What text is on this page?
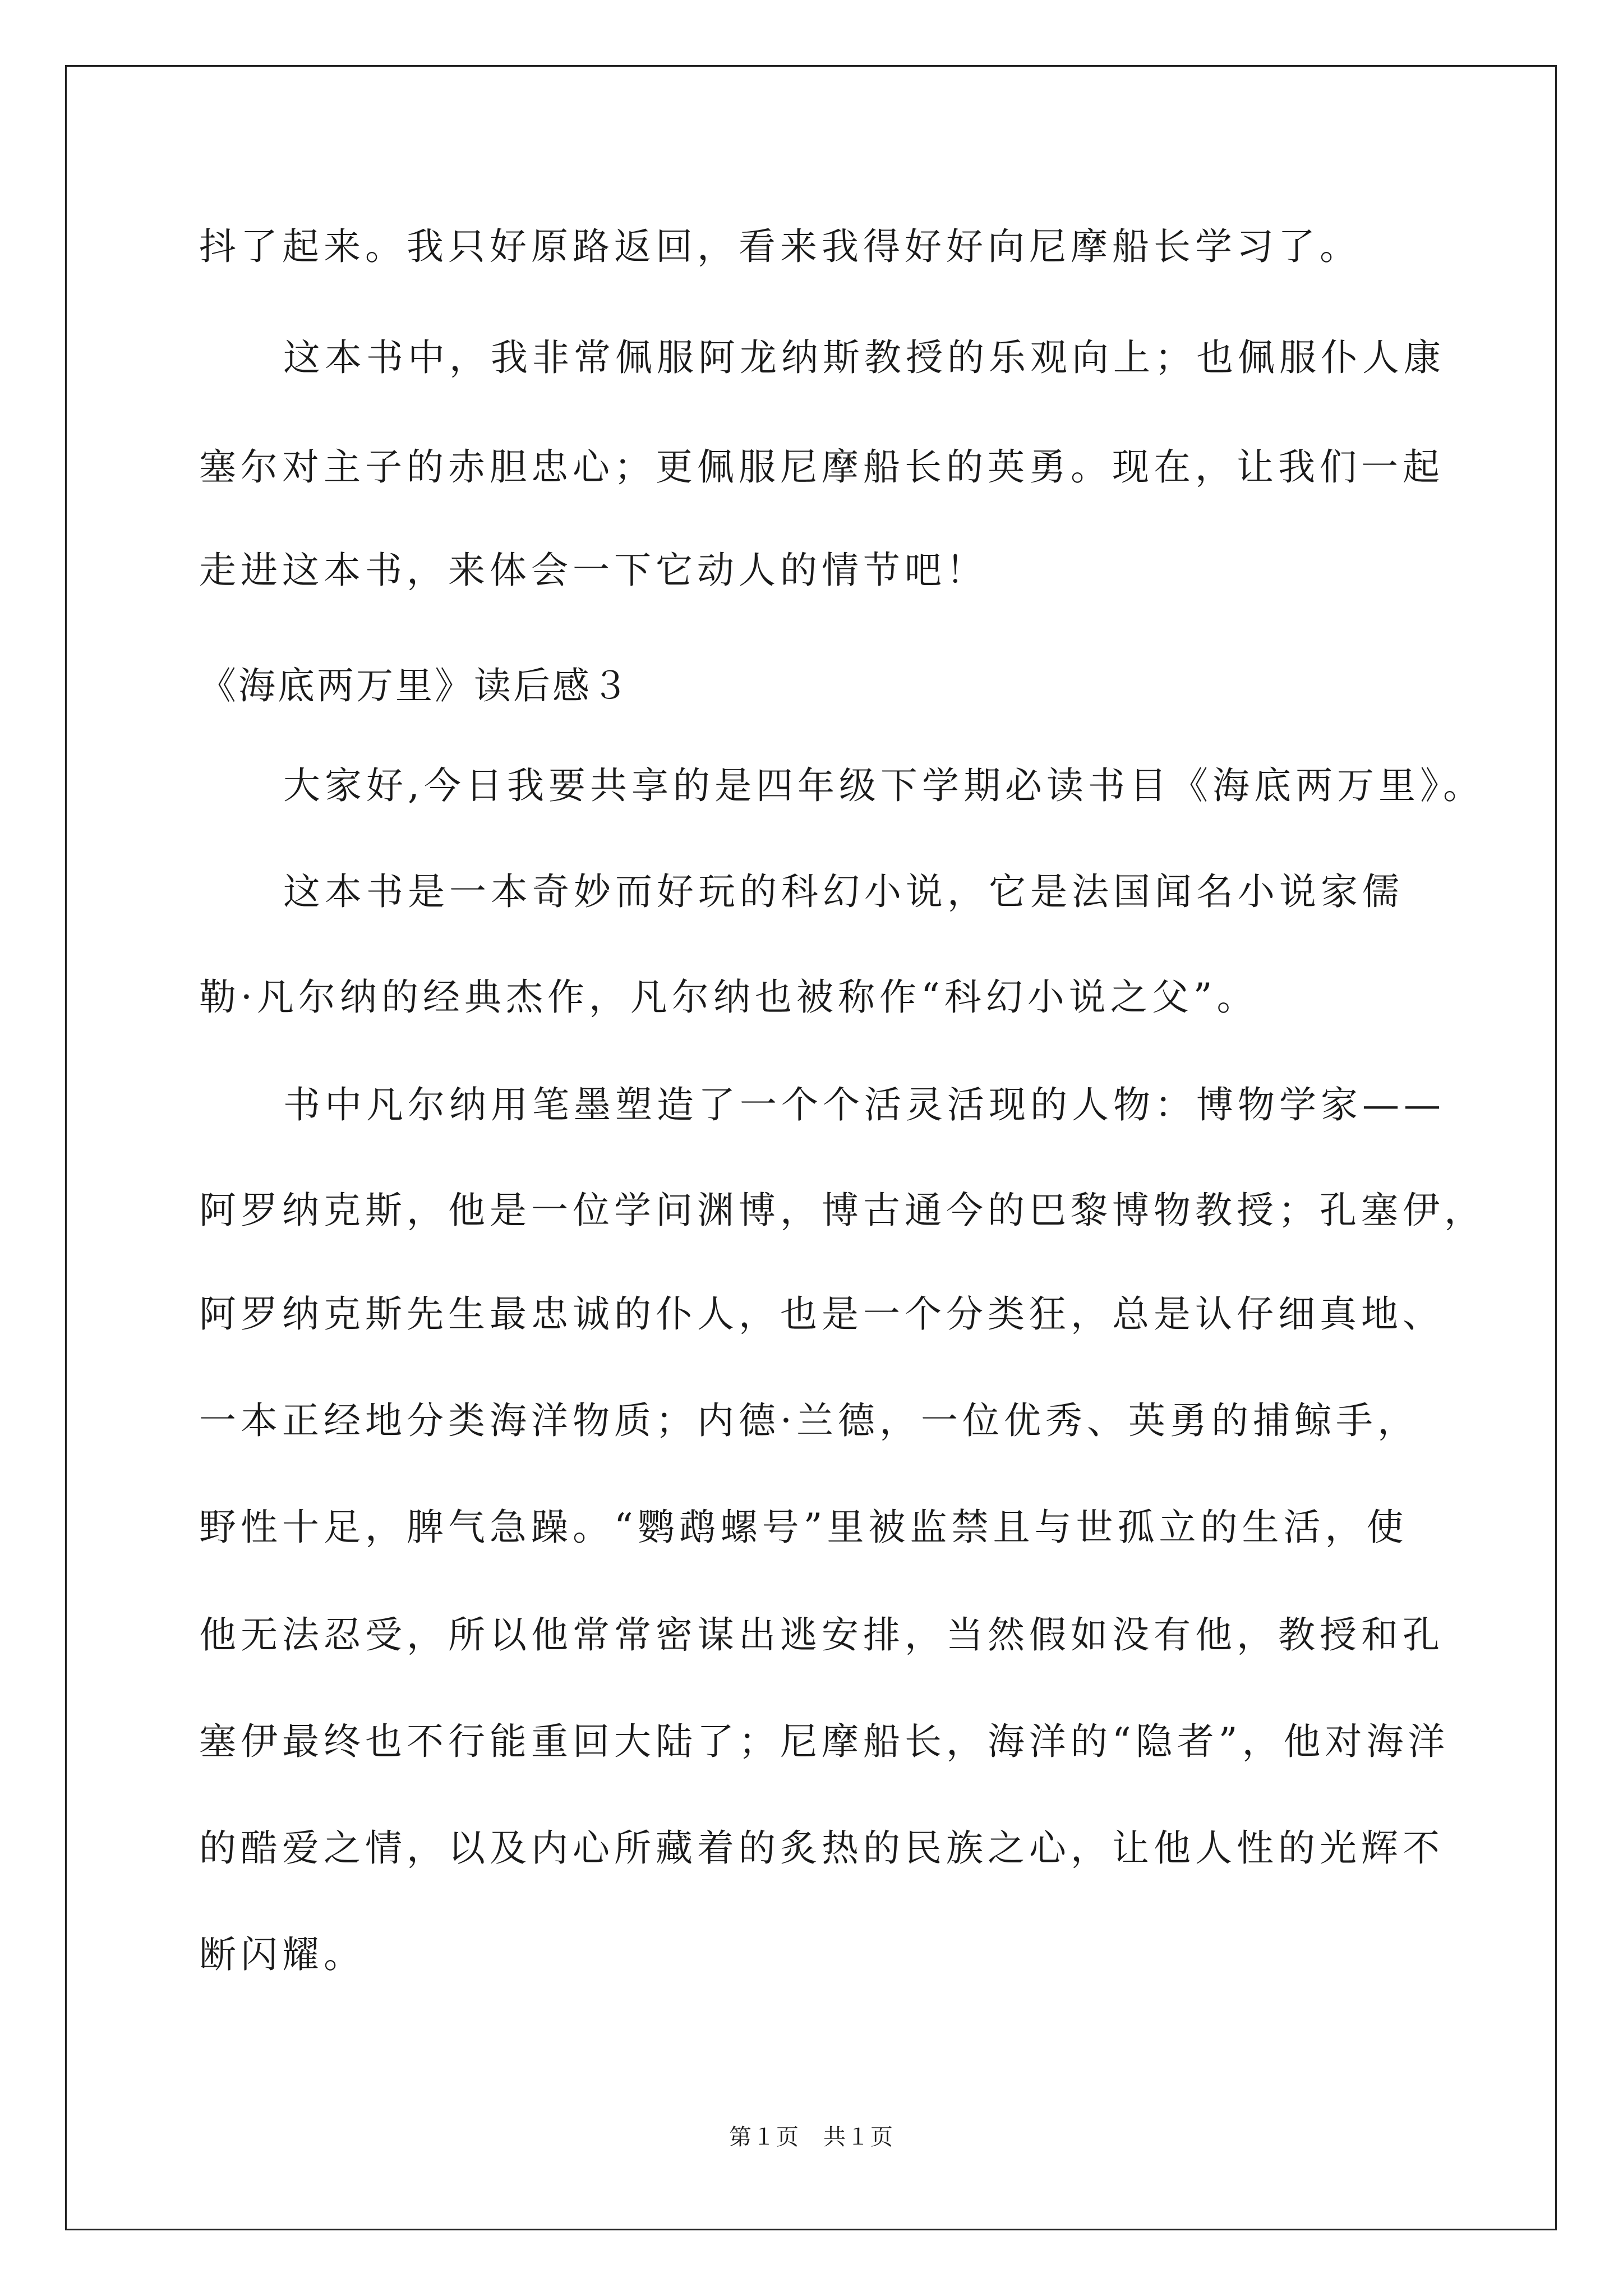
抖了起来。我只好原路返回，看来我得好好向尼摩船长学习了。
这本书中，我非常佩服阿龙纳斯教授的乐观向上；也佩服仆人康
塞尔对主子的赤胆忠心；更佩服尼摩船长的英勇。现在，让我们一起
走进这本书，来体会一下它动人的情节吧！
《海底两万里》读后感３
大家好,今日我要共享的是四年级下学期必读书目《海底两万里》。
这本书是一本奇妙而好玩的科幻小说，它是法国闻名小说家儒
勒·凡尔纳的经典杰作，凡尔纳也被称作“科幻小说之父”。
书中凡尔纳用笔墨塑造了一个个活灵活现的人物：博物学家——
阿罗纳克斯，他是一位学问渊博，博古通今的巴黎博物教授；孔塞伊，
阿罗纳克斯先生最忠诚的仆人，也是一个分类狂，总是认仔细真地、
一本正经地分类海洋物质；内德·兰德，一位优秀、英勇的捕鲸手，
野性十足，脾气急躁。“鹦鹉螺号”里被监禁且与世孤立的生活，使
他无法忍受，所以他常常密谋出逃安排，当然假如没有他，教授和孔
塞伊最终也不行能重回大陆了；尼摩船长，海洋的“隐者”，他对海洋
的酷爱之情，以及内心所藏着的炙热的民族之心，让他人性的光辉不
断闪耀。
第１页　共１页
